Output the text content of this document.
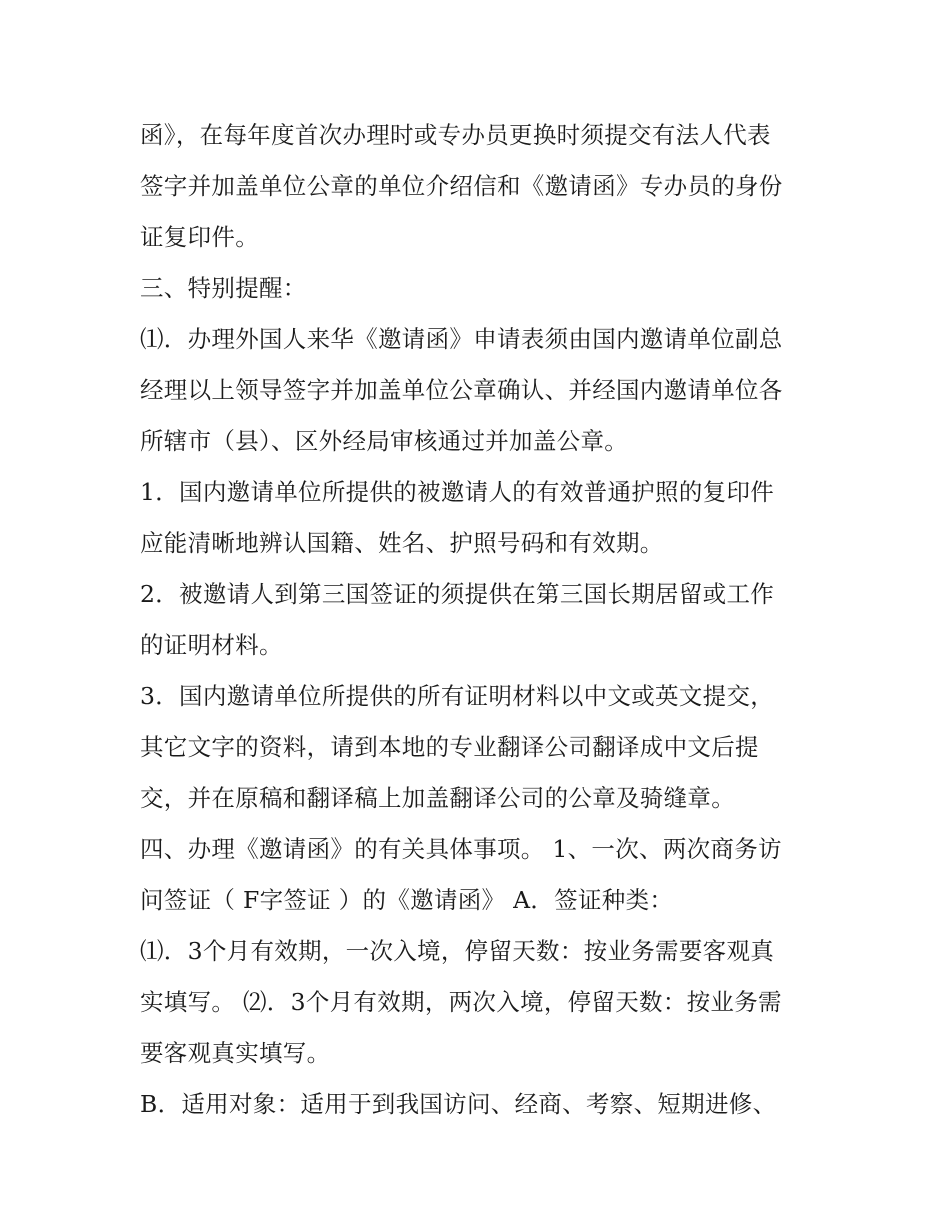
函》，在每年度首次办理时或专办员更换时须提交有法人代表
签字并加盖单位公章的单位介绍信和《邀请函》专办员的身份
证复印件。
三、特别提醒：
⑴．办理外国人来华《邀请函》申请表须由国内邀请单位副总
经理以上领导签字并加盖单位公章确认、并经国内邀请单位各
所辖市（县）、区外经局审核通过并加盖公章。
1．国内邀请单位所提供的被邀请人的有效普通护照的复印件
应能清晰地辨认国籍、姓名、护照号码和有效期。
2．被邀请人到第三国签证的须提供在第三国长期居留或工作
的证明材料。
3．国内邀请单位所提供的所有证明材料以中文或英文提交，
其它文字的资料，请到本地的专业翻译公司翻译成中文后提
交，并在原稿和翻译稿上加盖翻译公司的公章及骑缝章。
四、办理《邀请函》的有关具体事项。 1、一次、两次商务访
问签证（ F字签证 ）的《邀请函》 A．签证种类：
⑴．3个月有效期，一次入境，停留天数：按业务需要客观真
实填写。 ⑵．3个月有效期，两次入境，停留天数：按业务需
要客观真实填写。
B．适用对象：适用于到我国访问、经商、考察、短期进修、
